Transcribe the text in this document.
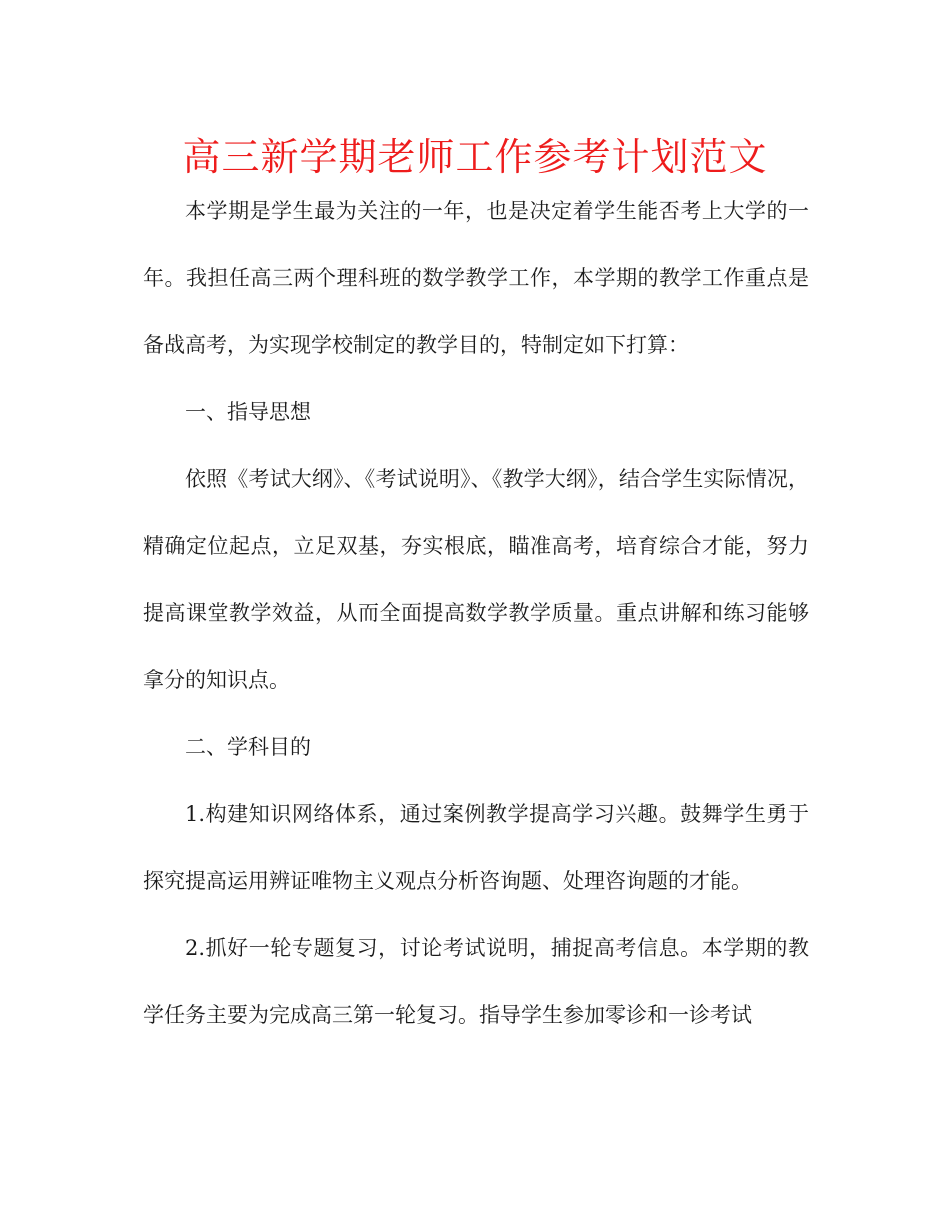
高三新学期老师工作参考计划范文

本学期是学生最为关注的一年，也是决定着学生能否考上大学的一年。我担任高三两个理科班的数学教学工作，本学期的教学工作重点是备战高考，为实现学校制定的教学目的，特制定如下打算：

一、指导思想

依照《考试大纲》、《考试说明》、《教学大纲》，结合学生实际情况，精确定位起点，立足双基，夯实根底，瞄准高考，培育综合才能，努力提高课堂教学效益，从而全面提高数学教学质量。重点讲解和练习能够拿分的知识点。

二、学科目的

1.构建知识网络体系，通过案例教学提高学习兴趣。鼓舞学生勇于探究提高运用辨证唯物主义观点分析咨询题、处理咨询题的才能。

2.抓好一轮专题复习，讨论考试说明，捕捉高考信息。本学期的教学任务主要为完成高三第一轮复习。指导学生参加零诊和一诊考试
